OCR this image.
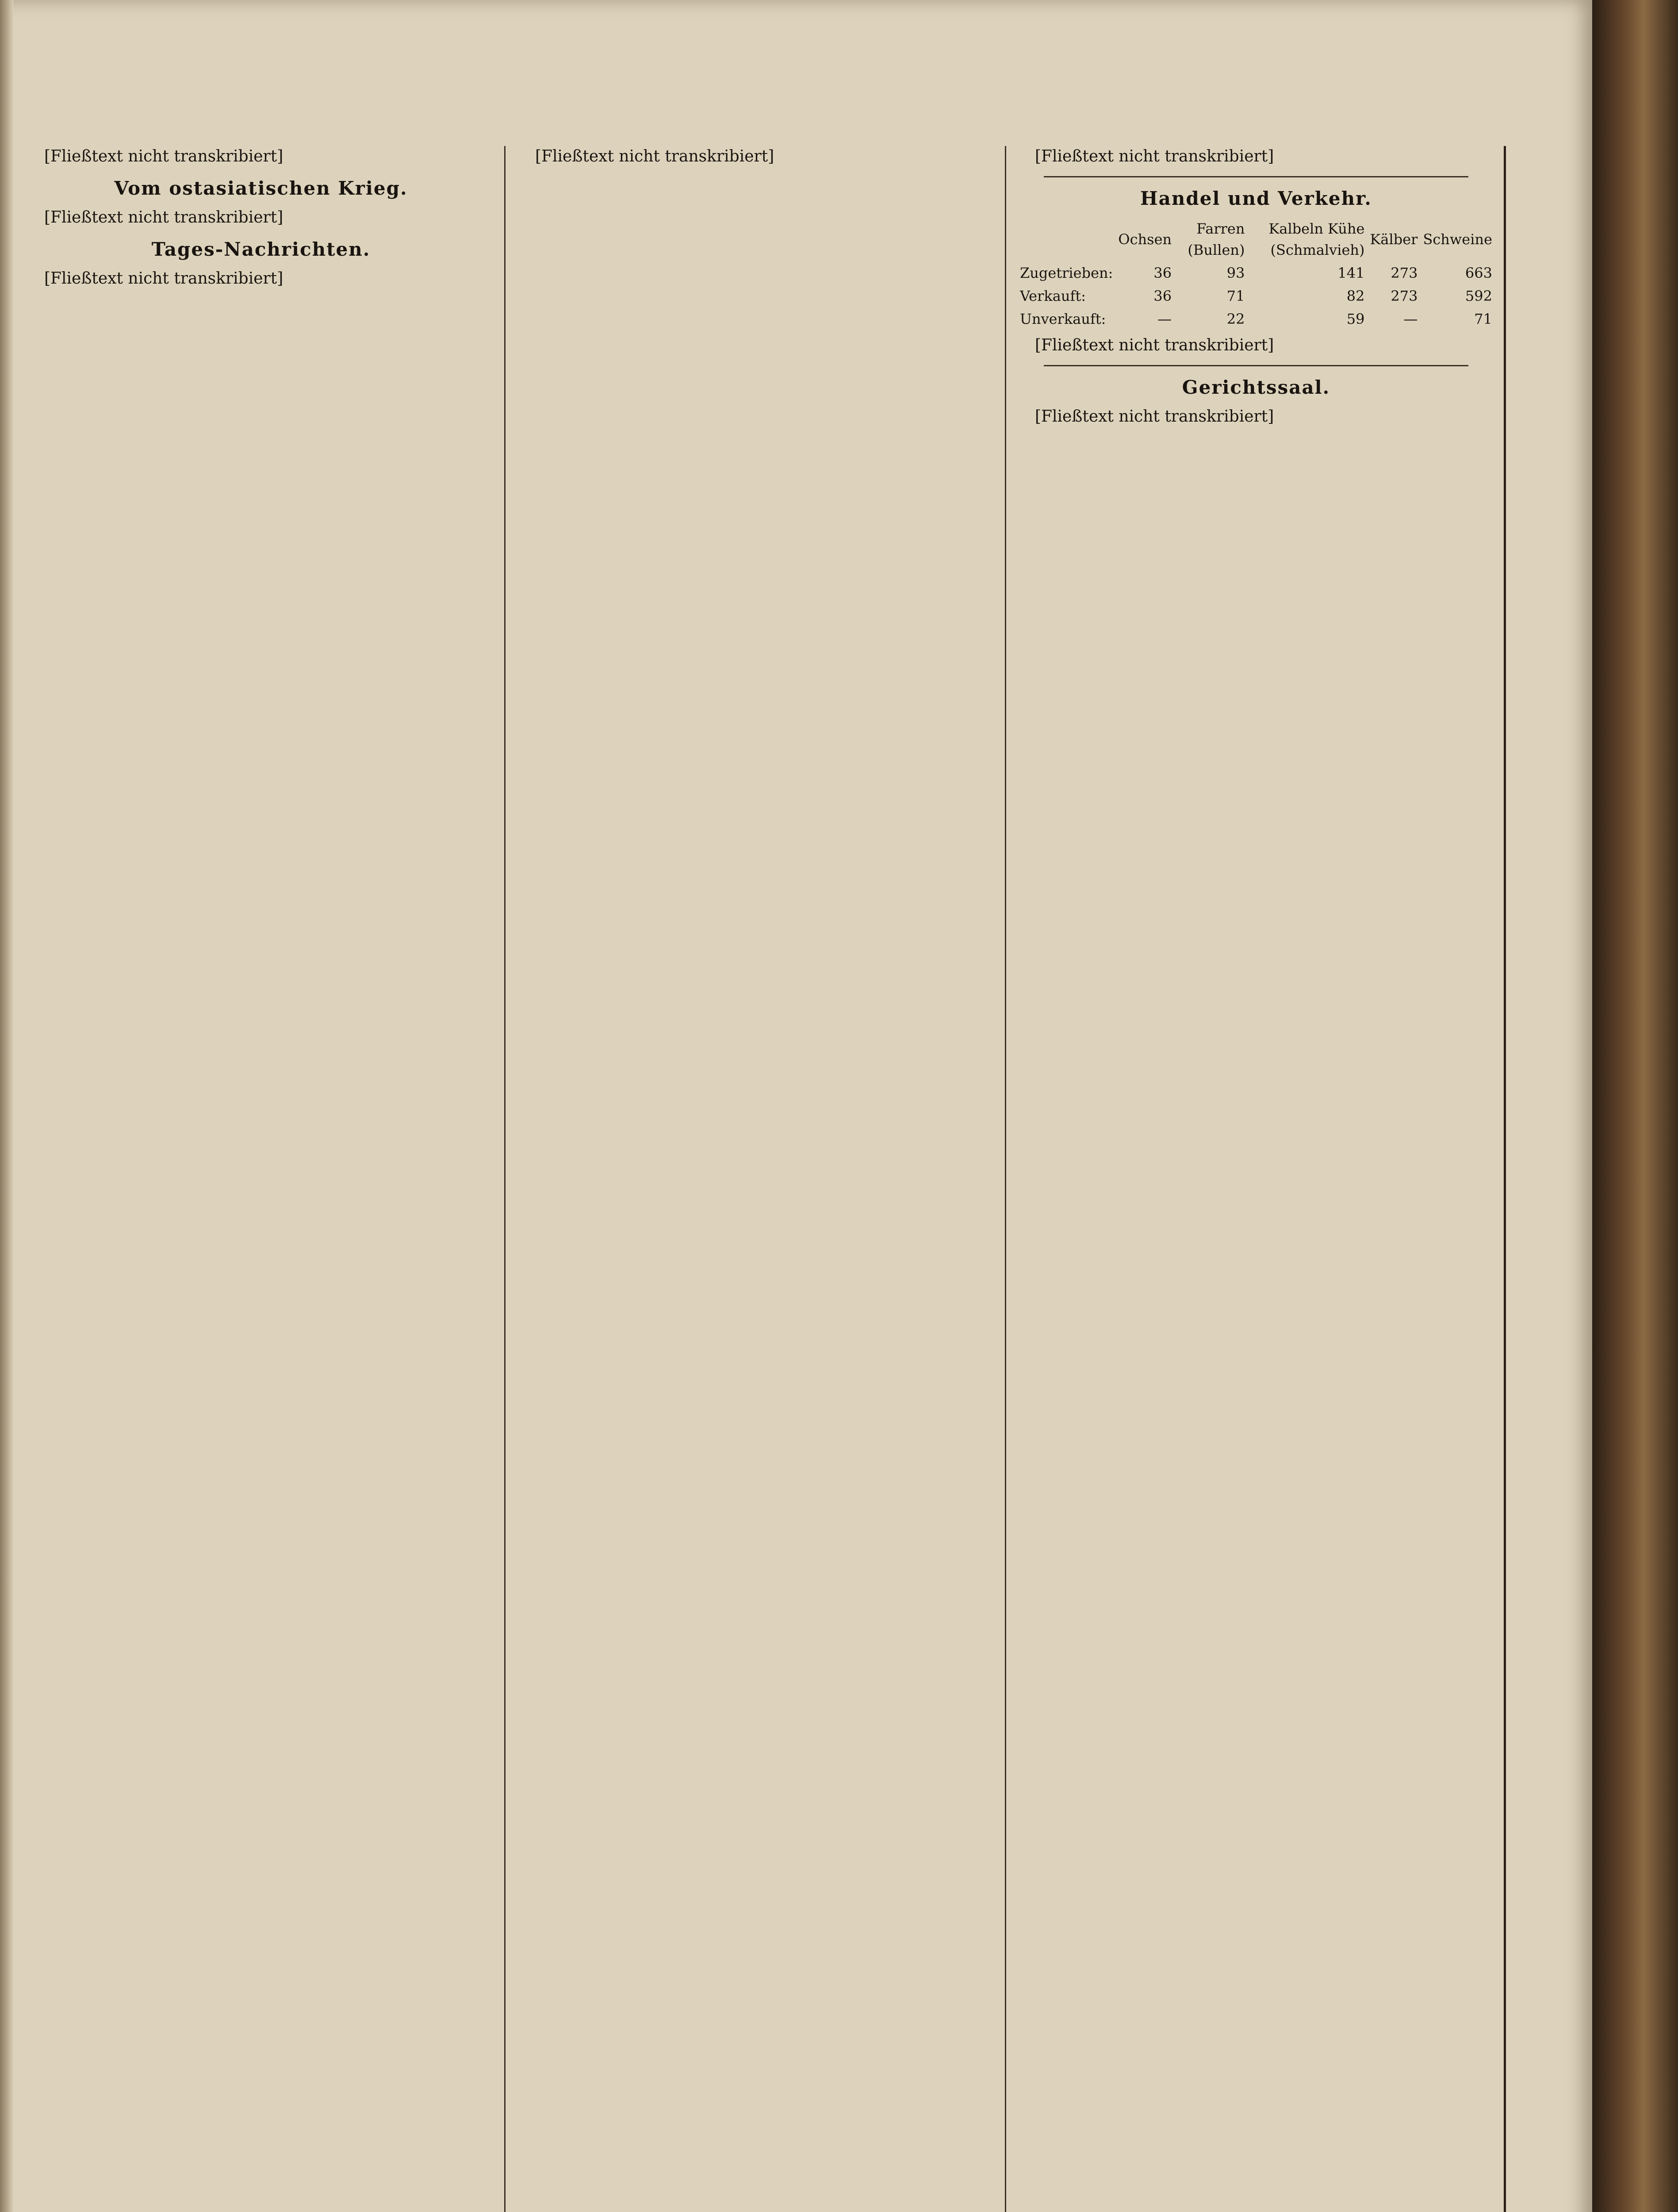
[Fließtext nicht transkribiert]

Vom ostasiatischen Krieg.

[Fließtext nicht transkribiert]

Tages-Nachrichten.

[Fließtext nicht transkribiert]

[Fließtext nicht transkribiert]	[Fließtext nicht transkribiert]

Handel und Verkehr.
	Ochsen	Farren (Bullen)	Kalbeln Kühe (Schmalvieh)	Kälber	Schweine
Zugetrieben:	36	93	141	273	663
Verkauft:	36	71	82	273	592
Unverkauft:	—	22	59	—	71

[Fließtext nicht transkribiert]

Gerichtssaal.

[Fließtext nicht transkribiert]
